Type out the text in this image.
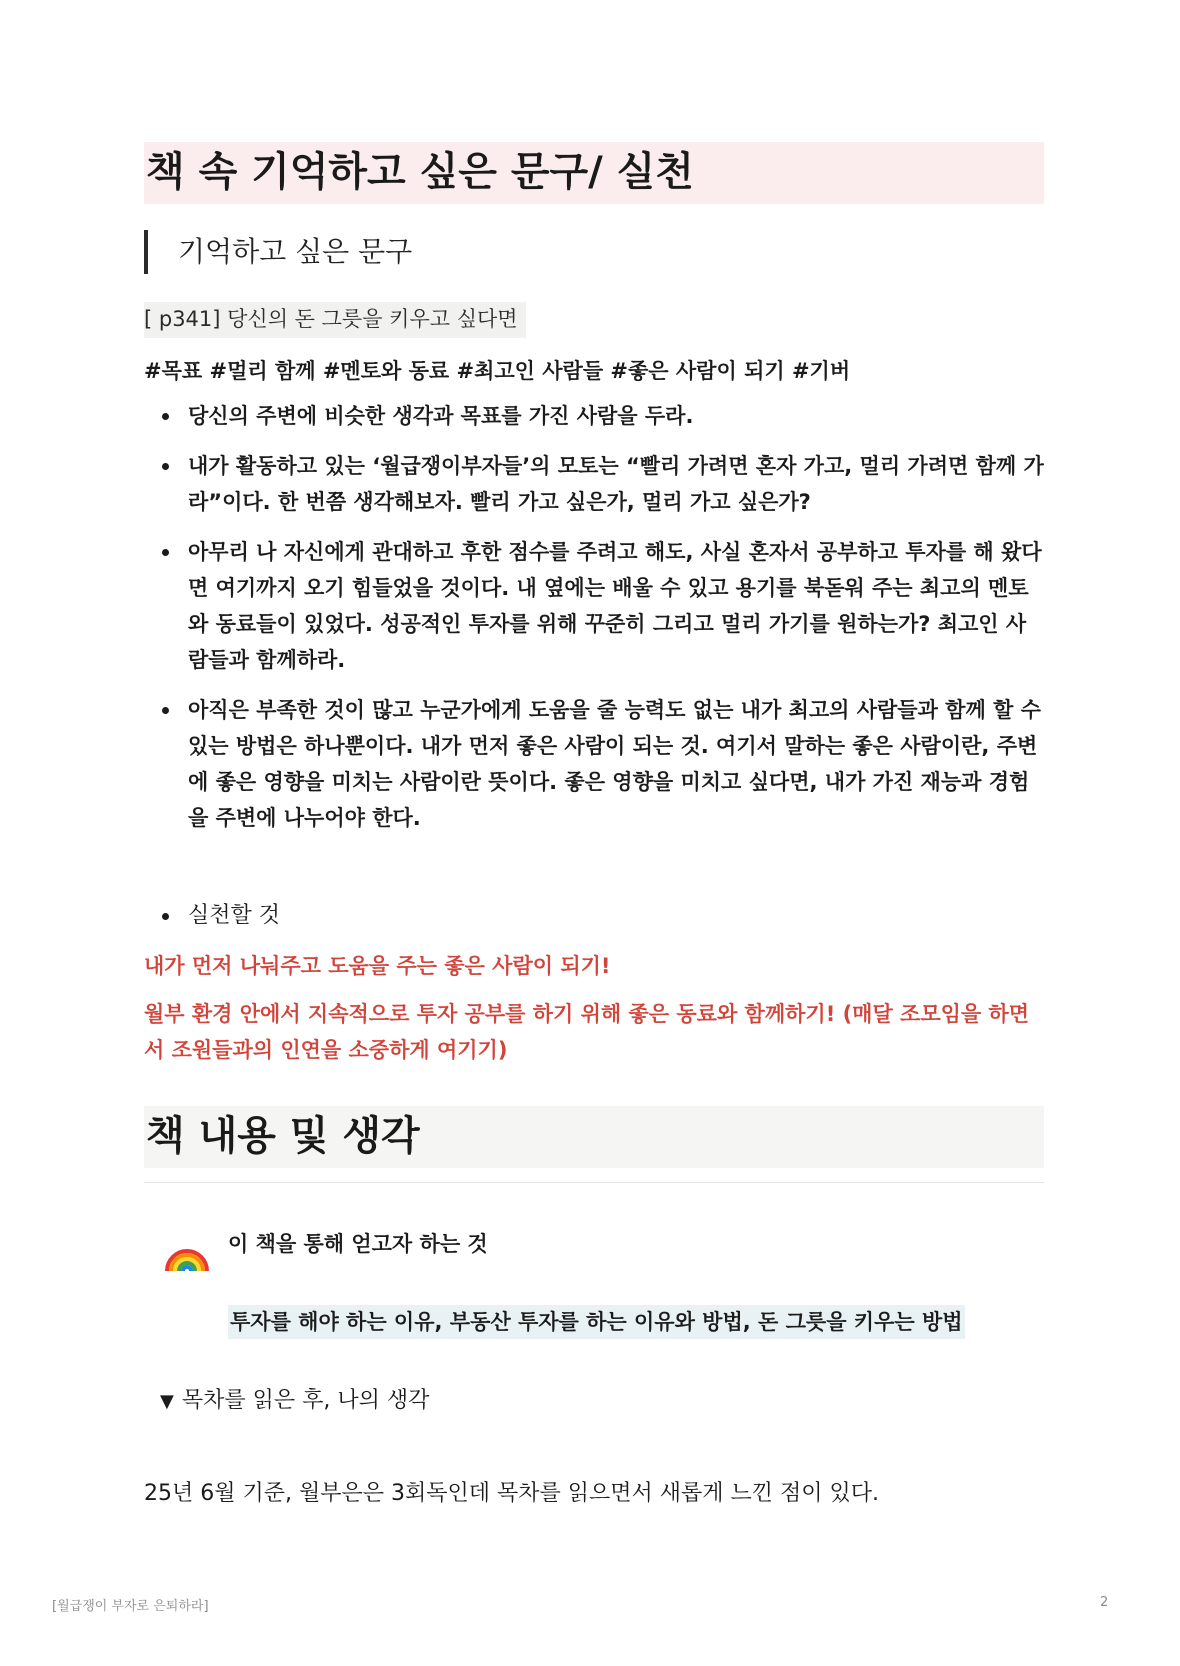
책 속 기억하고 싶은 문구/ 실천
기억하고 싶은 문구
[ p341] 당신의 돈 그릇을 키우고 싶다면
#목표 #멀리 함께 #멘토와 동료 #최고인 사람들 #좋은 사람이 되기 #기버
당신의 주변에 비슷한 생각과 목표를 가진 사람을 두라.
내가 활동하고 있는 ‘월급쟁이부자들’의 모토는 “빨리 가려면 혼자 가고, 멀리 가려면 함께 가라”이다. 한 번쯤 생각해보자. 빨리 가고 싶은가, 멀리 가고 싶은가?
아무리 나 자신에게 관대하고 후한 점수를 주려고 해도, 사실 혼자서 공부하고 투자를 해 왔다면 여기까지 오기 힘들었을 것이다. 내 옆에는 배울 수 있고 용기를 북돋워 주는 최고의 멘토와 동료들이 있었다. 성공적인 투자를 위해 꾸준히 그리고 멀리 가기를 원하는가? 최고인 사람들과 함께하라.
아직은 부족한 것이 많고 누군가에게 도움을 줄 능력도 없는 내가 최고의 사람들과 함께 할 수 있는 방법은 하나뿐이다. 내가 먼저 좋은 사람이 되는 것. 여기서 말하는 좋은 사람이란, 주변에 좋은 영향을 미치는 사람이란 뜻이다. 좋은 영향을 미치고 싶다면, 내가 가진 재능과 경험을 주변에 나누어야 한다.
실천할 것
내가 먼저 나눠주고 도움을 주는 좋은 사람이 되기!
월부 환경 안에서 지속적으로 투자 공부를 하기 위해 좋은 동료와 함께하기! (매달 조모임을 하면서 조원들과의 인연을 소중하게 여기기)
책 내용 및 생각
이 책을 통해 얻고자 하는 것
투자를 해야 하는 이유, 부동산 투자를 하는 이유와 방법, 돈 그릇을 키우는 방법
▼ 목차를 읽은 후, 나의 생각
25년 6월 기준, 월부은은 3회독인데 목차를 읽으면서 새롭게 느낀 점이 있다.
[월급쟁이 부자로 은퇴하라]	2
